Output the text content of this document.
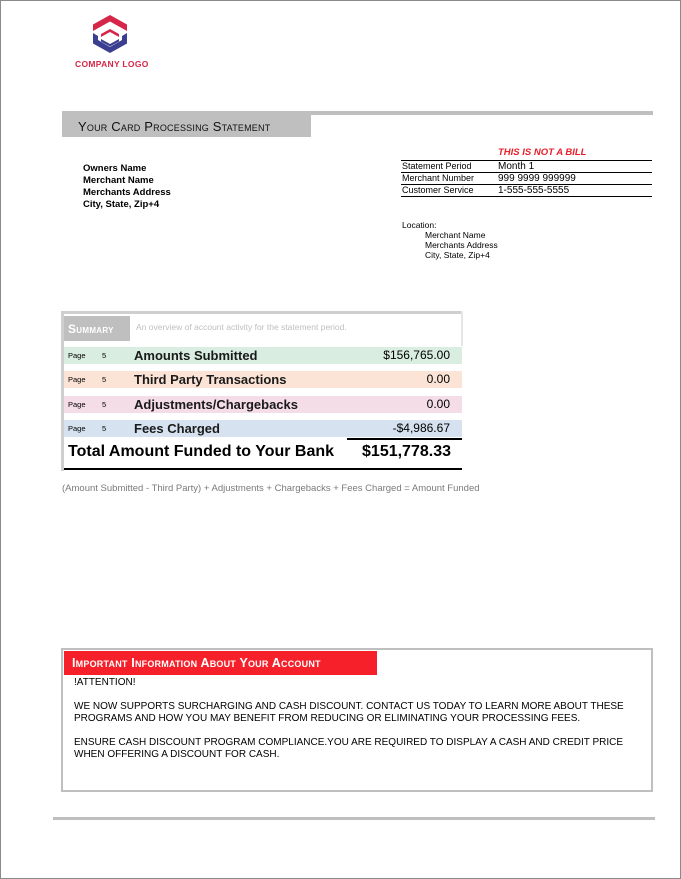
COMPANY LOGO
Your Card Processing Statement
Owners Name
Merchant Name
Merchants Address
City, State, Zip+4
THIS IS NOT A BILL
Statement Period	Month 1
Merchant Number	999 9999 999999
Customer Service	1-555-555-5555
Location:
Merchant Name
Merchants Address
City, State, Zip+4
Summary	An overview of account activity for the statement period.
Page 5 Amounts Submitted	$156,765.00
Page 5 Third Party Transactions	0.00
Page 5 Adjustments/Chargebacks	0.00
Page 5 Fees Charged	-$4,986.67
Total Amount Funded to Your Bank $151,778.33
(Amount Submitted - Third Party) + Adjustments + Chargebacks + Fees Charged = Amount Funded
Important Information About Your Account

!ATTENTION!

WE NOW SUPPORTS SURCHARGING AND CASH DISCOUNT. CONTACT US TODAY TO LEARN MORE ABOUT THESE PROGRAMS AND HOW YOU MAY BENEFIT FROM REDUCING OR ELIMINATING YOUR PROCESSING FEES.

ENSURE CASH DISCOUNT PROGRAM COMPLIANCE.YOU ARE REQUIRED TO DISPLAY A CASH AND CREDIT PRICE WHEN OFFERING A DISCOUNT FOR CASH.
